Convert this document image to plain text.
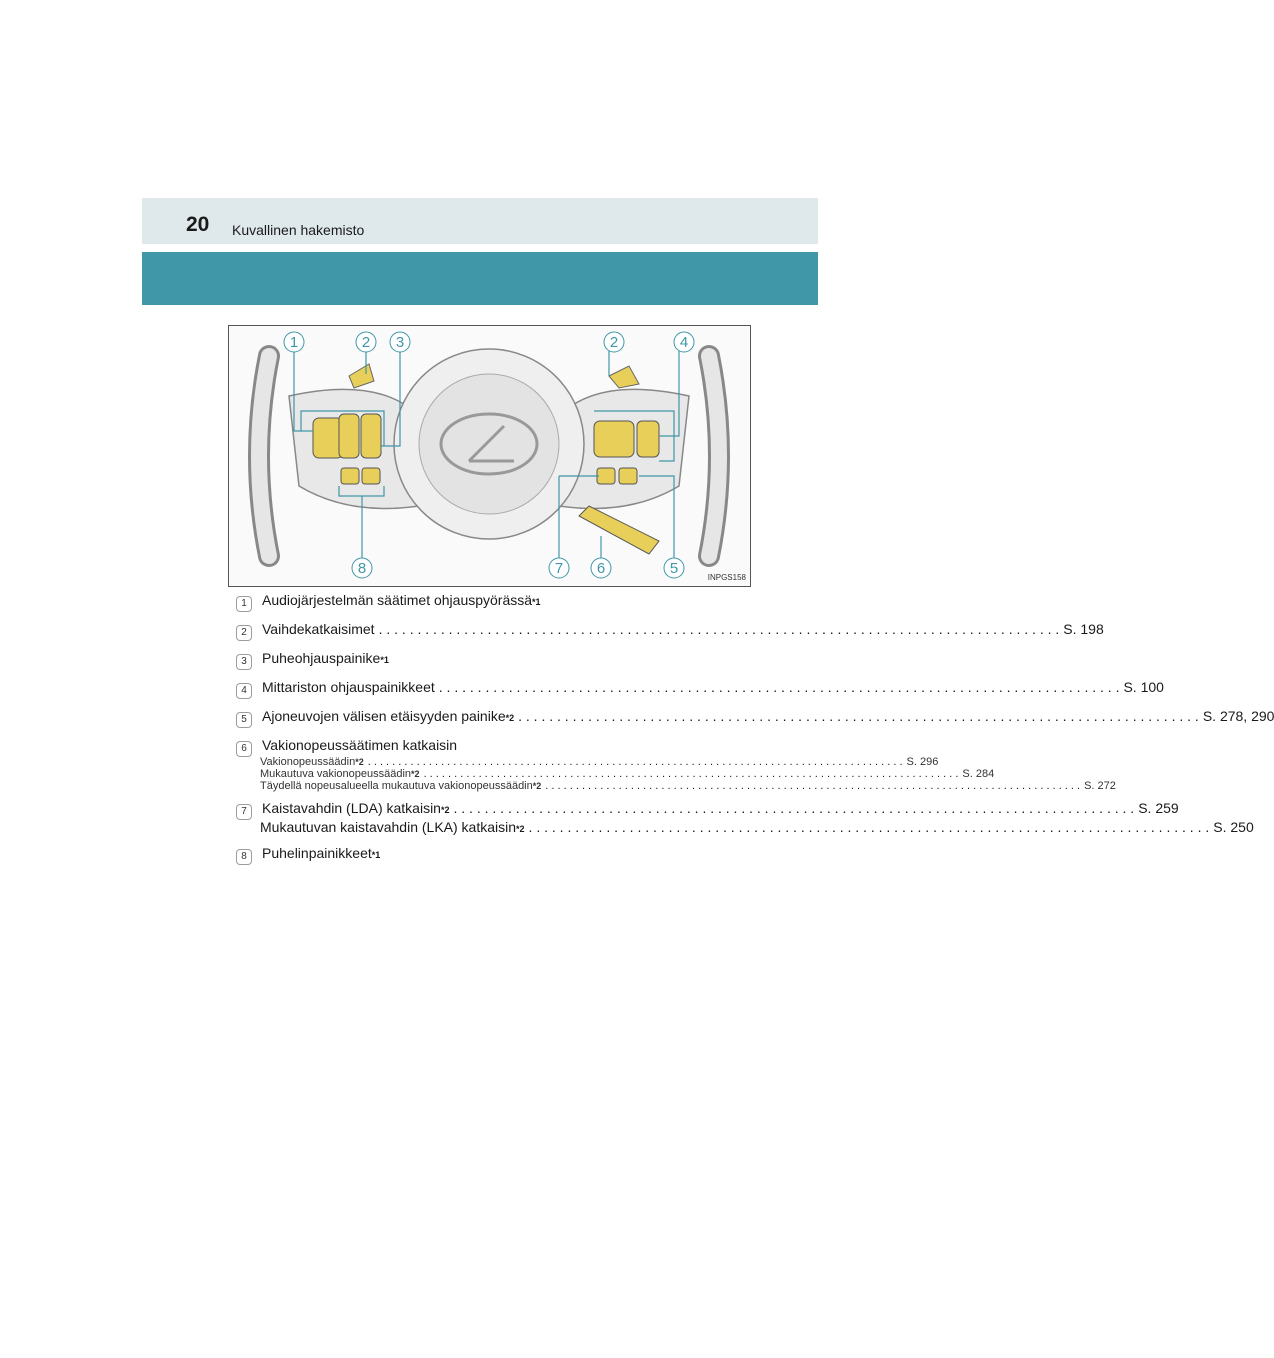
20 Kuvallinen hakemisto
1	2 3	2	4
8	7 6	5
INPGS158
1	Audiojärjestelmän säätimet ohjauspyörässä *1
2	Vaihdekatkaisimet . . .	S. 198
3	Puheohjauspainike *1
4	Mittariston ohjauspainikkeet . . .	S. 100
5	Ajoneuvojen välisen etäisyyden painike *2 . . .	S. 278, 290
6	Vakionopeussäätimen katkaisin
Vakionopeussäädin *2 . . .	S. 296
Mukautuva vakionopeussäädin *2 . . .	S. 284
Täydellä nopeusalueella mukautuva vakionopeussäädin *2 . . .	S. 272
7	Kaistavahdin (LDA) katkaisin *2 . . .	S. 259
Mukautuvan kaistavahdin (LKA) katkaisin *2 . . .	S. 250
8	Puhelinpainikkeet *1
